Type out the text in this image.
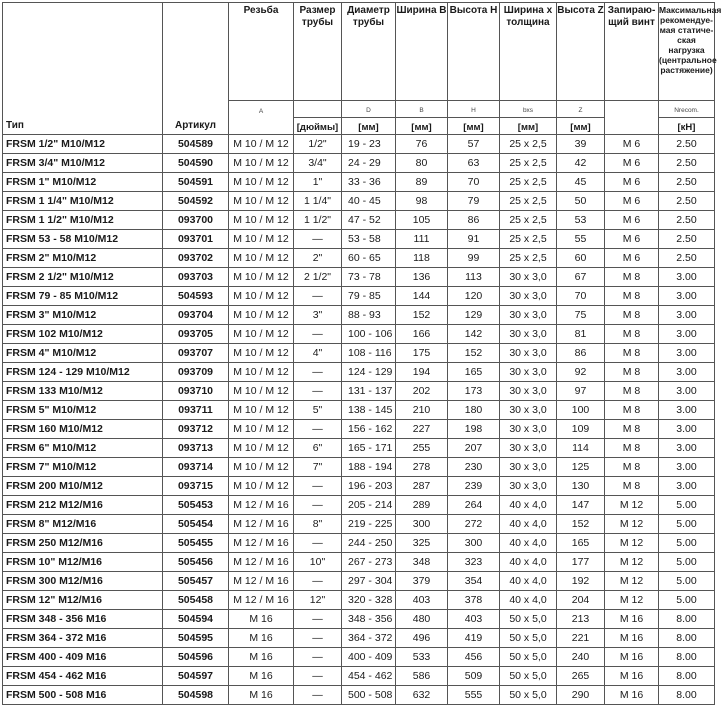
Тип	Артикул	Резьба	Размер трубы	Диаметр трубы	Ширина B	Высота H	Ширина x толщина	Высота Z	Запираю- щий винт	Максимальная рекомендуе- мая статиче- ская нагрузка (центральное растяжение)
		A		D	B	H	bxs	Z		Nrecom.
			[дюймы]	[мм]	[мм]	[мм]	[мм]	[мм]		[кН]
FRSM 1/2" M10/M12	504589	M 10 / M 12	1/2"	19 - 23	76	57	25 x 2,5	39	M 6	2.50
FRSM 3/4" M10/M12	504590	M 10 / M 12	3/4"	24 - 29	80	63	25 x 2,5	42	M 6	2.50
FRSM 1" M10/M12	504591	M 10 / M 12	1"	33 - 36	89	70	25 x 2,5	45	M 6	2.50
FRSM 1 1/4" M10/M12	504592	M 10 / M 12	1 1/4"	40 - 45	98	79	25 x 2,5	50	M 6	2.50
FRSM 1 1/2" M10/M12	093700	M 10 / M 12	1 1/2"	47 - 52	105	86	25 x 2,5	53	M 6	2.50
FRSM 53 - 58 M10/M12	093701	M 10 / M 12	—	53 - 58	111	91	25 x 2,5	55	M 6	2.50
FRSM 2" M10/M12	093702	M 10 / M 12	2"	60 - 65	118	99	25 x 2,5	60	M 6	2.50
FRSM 2 1/2" M10/M12	093703	M 10 / M 12	2 1/2"	73 - 78	136	113	30 x 3,0	67	M 8	3.00
FRSM 79 - 85 M10/M12	504593	M 10 / M 12	—	79 - 85	144	120	30 x 3,0	70	M 8	3.00
FRSM 3" M10/M12	093704	M 10 / M 12	3"	88 - 93	152	129	30 x 3,0	75	M 8	3.00
FRSM 102 M10/M12	093705	M 10 / M 12	—	100 - 106	166	142	30 x 3,0	81	M 8	3.00
FRSM 4" M10/M12	093707	M 10 / M 12	4"	108 - 116	175	152	30 x 3,0	86	M 8	3.00
FRSM 124 - 129 M10/M12	093709	M 10 / M 12	—	124 - 129	194	165	30 x 3,0	92	M 8	3.00
FRSM 133 M10/M12	093710	M 10 / M 12	—	131 - 137	202	173	30 x 3,0	97	M 8	3.00
FRSM 5" M10/M12	093711	M 10 / M 12	5"	138 - 145	210	180	30 x 3,0	100	M 8	3.00
FRSM 160 M10/M12	093712	M 10 / M 12	—	156 - 162	227	198	30 x 3,0	109	M 8	3.00
FRSM 6" M10/M12	093713	M 10 / M 12	6"	165 - 171	255	207	30 x 3,0	114	M 8	3.00
FRSM 7" M10/M12	093714	M 10 / M 12	7"	188 - 194	278	230	30 x 3,0	125	M 8	3.00
FRSM 200 M10/M12	093715	M 10 / M 12	—	196 - 203	287	239	30 x 3,0	130	M 8	3.00
FRSM 212 M12/M16	505453	M 12 / M 16	—	205 - 214	289	264	40 x 4,0	147	M 12	5.00
FRSM 8" M12/M16	505454	M 12 / M 16	8"	219 - 225	300	272	40 x 4,0	152	M 12	5.00
FRSM 250 M12/M16	505455	M 12 / M 16	—	244 - 250	325	300	40 x 4,0	165	M 12	5.00
FRSM 10" M12/M16	505456	M 12 / M 16	10"	267 - 273	348	323	40 x 4,0	177	M 12	5.00
FRSM 300 M12/M16	505457	M 12 / M 16	—	297 - 304	379	354	40 x 4,0	192	M 12	5.00
FRSM 12" M12/M16	505458	M 12 / M 16	12"	320 - 328	403	378	40 x 4,0	204	M 12	5.00
FRSM 348 - 356 M16	504594	M 16	—	348 - 356	480	403	50 x 5,0	213	M 16	8.00
FRSM 364 - 372 M16	504595	M 16	—	364 - 372	496	419	50 x 5,0	221	M 16	8.00
FRSM 400 - 409 M16	504596	M 16	—	400 - 409	533	456	50 x 5,0	240	M 16	8.00
FRSM 454 - 462 M16	504597	M 16	—	454 - 462	586	509	50 x 5,0	265	M 16	8.00
FRSM 500 - 508 M16	504598	M 16	—	500 - 508	632	555	50 x 5,0	290	M 16	8.00
